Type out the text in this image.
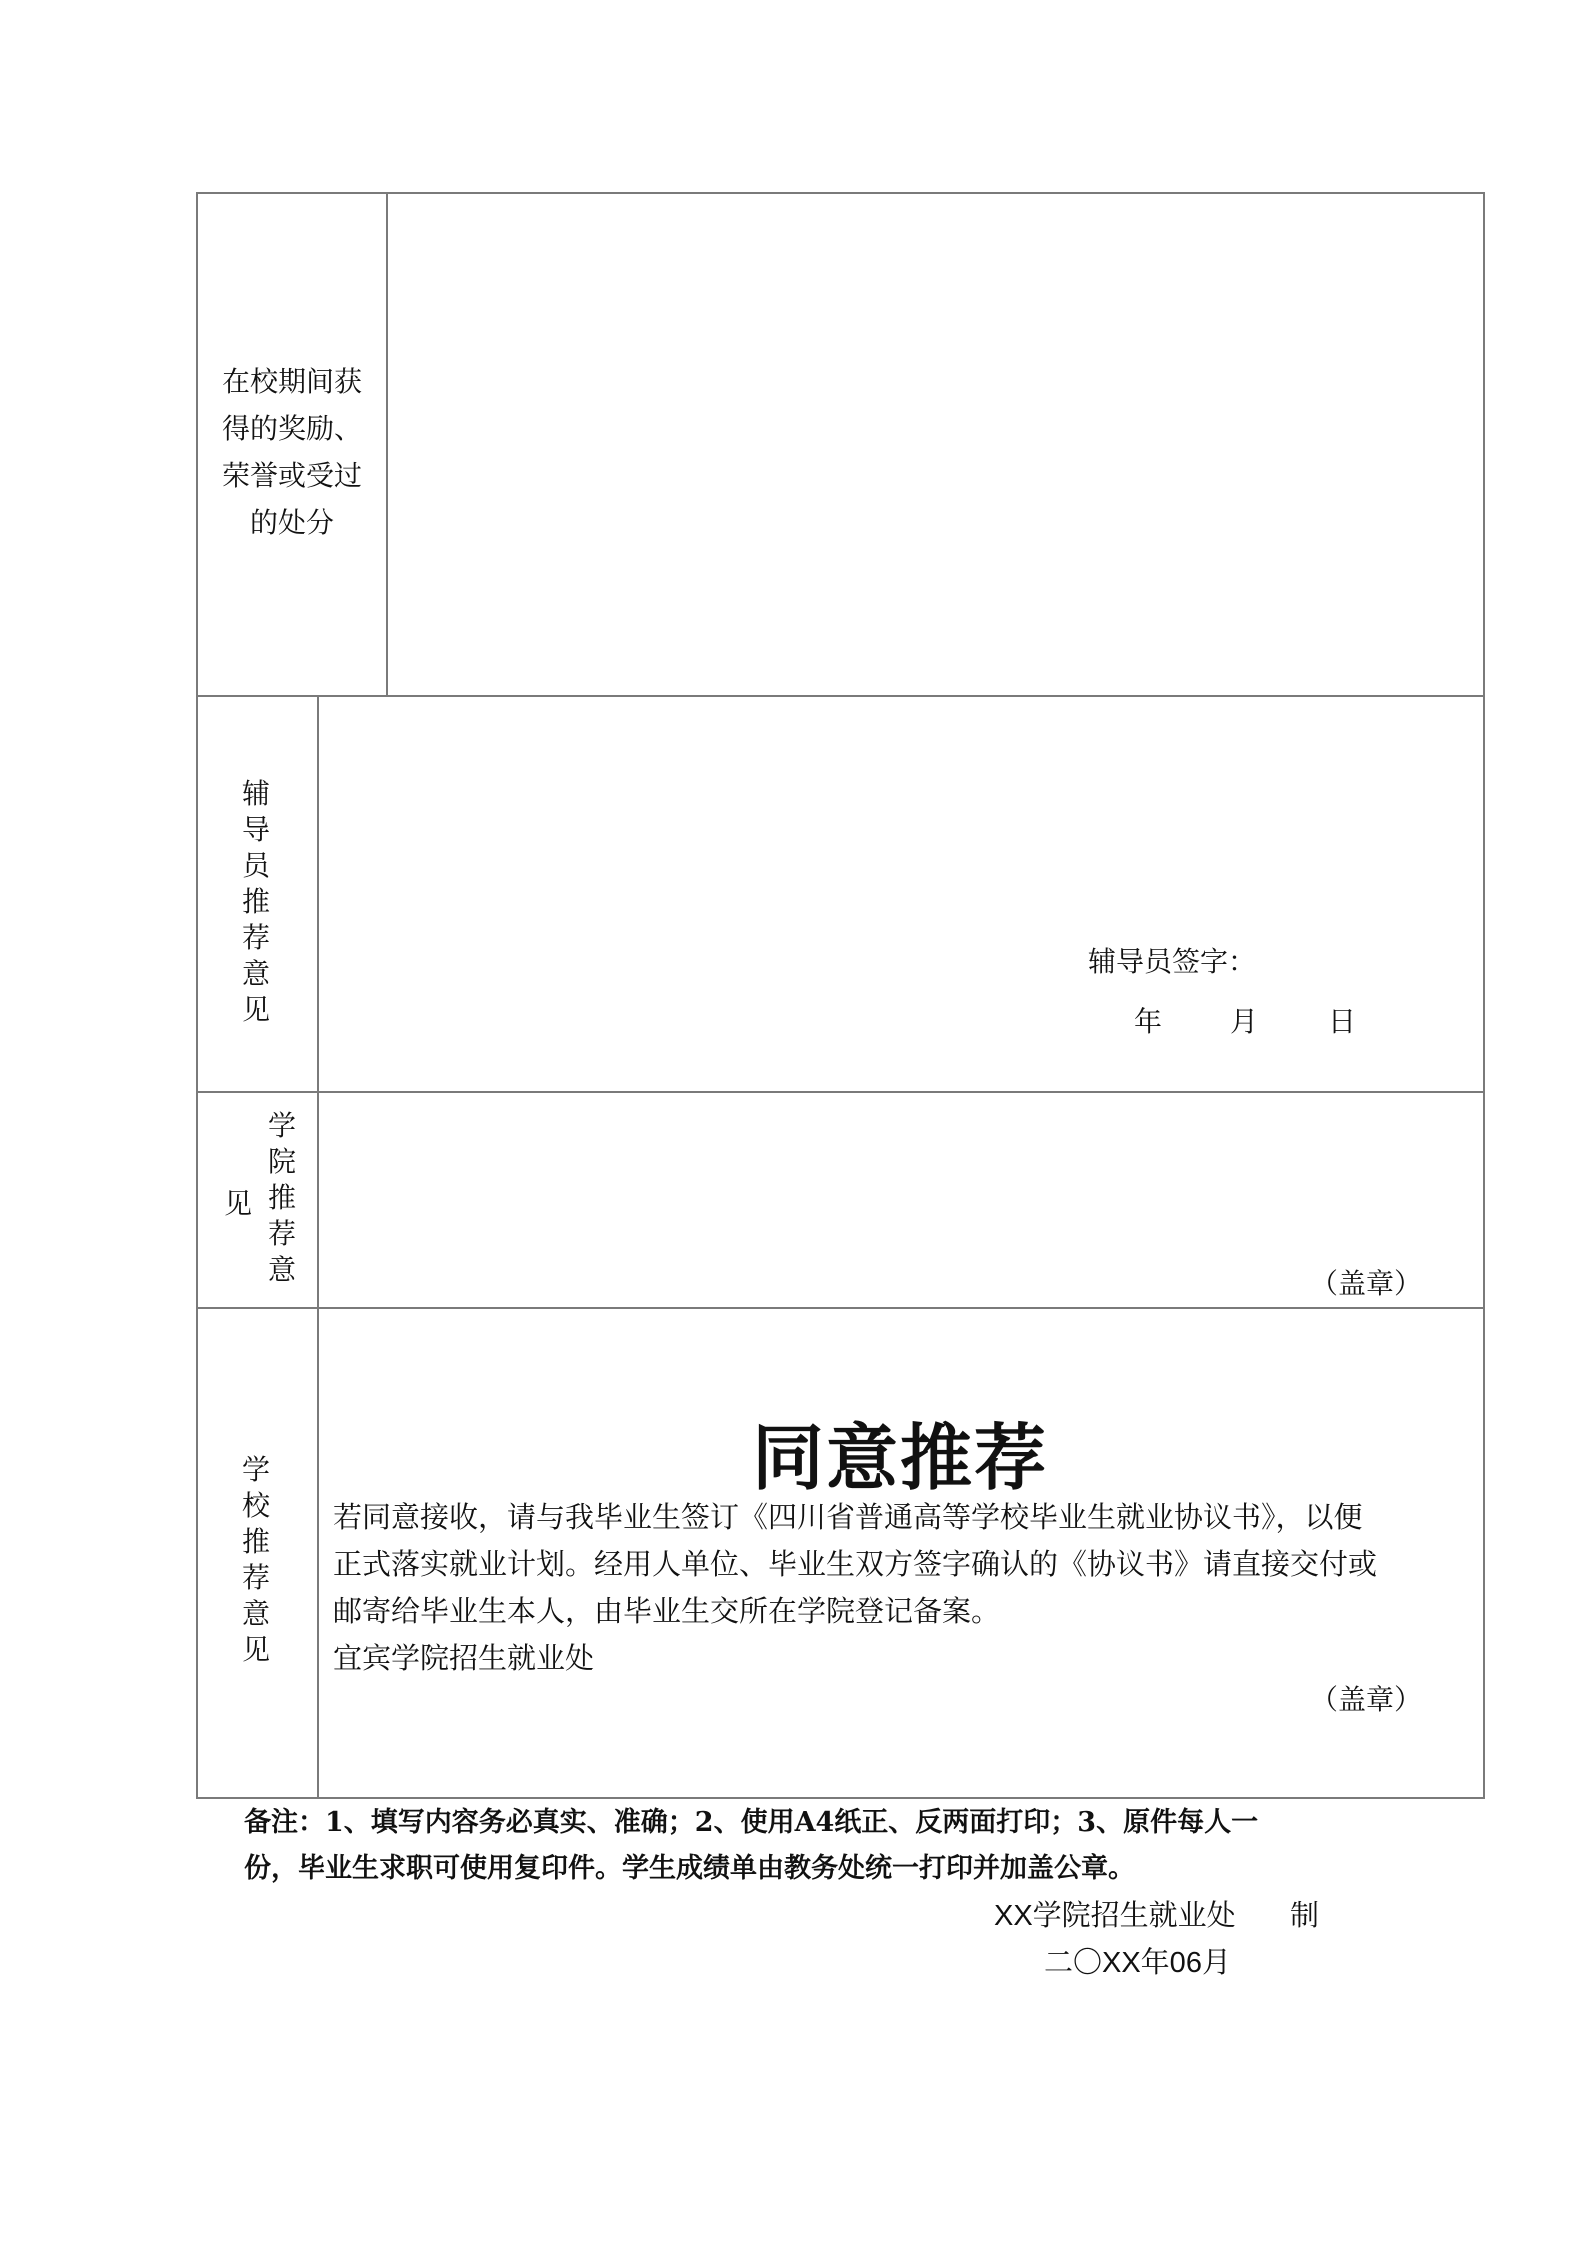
在校期间获
得的奖励、
荣誉或受过
的处分
辅
导
员
推
荐
意
见
辅导员签字：
年 月 日
学
院
推
荐
意
见
（盖章）
学
校
推
荐
意
见
同意推荐

若同意接收，请与我毕业生签订《四川省普通高等学校毕业生就业协议书》，以便

正式落实就业计划。经用人单位、毕业生双方签字确认的《协议书》请直接交付或

邮寄给毕业生本人，由毕业生交所在学院登记备案。

宜宾学院招生就业处

（盖章）
备注：1、填写内容务必真实、准确；2、使用A4纸正、反两面打印；3、原件每人一
份，毕业生求职可使用复印件。学生成绩单由教务处统一打印并加盖公章。
XX学院招生就业处 制
二〇XX年06月
